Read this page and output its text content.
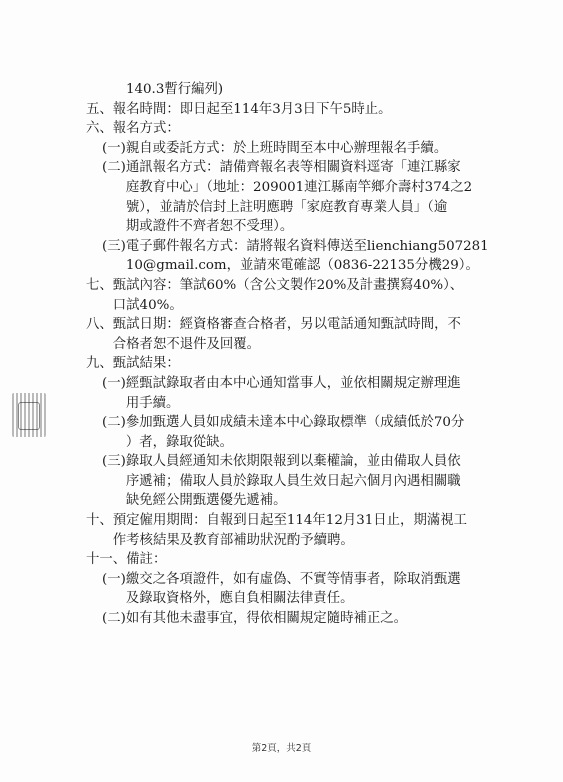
140.3暫行編列)
五、 報名時間：即日起至114年3月3日下午5時止。
六、 報名方式：
(一) 親自或委託方式：於上班時間至本中心辦理報名手續。
(二) 通訊報名方式：請備齊報名表等相關資料逕寄「連江縣家
庭教育中心」（地址：209001連江縣南竿鄉介壽村374之2
號），並請於信封上註明應聘「家庭教育專業人員」（逾
期或證件不齊者恕不受理）。
(三) 電子郵件報名方式：請將報名資料傳送至lienchiang507281
10@gmail.com，並請來電確認（0836-22135分機29）。
七、 甄試內容：筆試60%（含公文製作20%及計畫撰寫40%）、
口試40%。
八、 甄試日期：經資格審查合格者，另以電話通知甄試時間，不
合格者恕不退件及回覆。
九、 甄試結果：
(一) 經甄試錄取者由本中心通知當事人，並依相關規定辦理進
用手續。
(二) 參加甄選人員如成績未達本中心錄取標準（成績低於70分
）者，錄取從缺。
(三) 錄取人員經通知未依期限報到以棄權論，並由備取人員依
序遞補；備取人員於錄取人員生效日起六個月內遇相關職
缺免經公開甄選優先遞補。
十、 預定僱用期間：自報到日起至114年12月31日止，期滿視工
作考核結果及教育部補助狀況酌予續聘。
十一、 備註：
(一) 繳交之各項證件，如有虛偽、不實等情事者，除取消甄選
及錄取資格外，應自負相關法律責任。
(二) 如有其他未盡事宜，得依相關規定隨時補正之。
第2頁，共2頁
